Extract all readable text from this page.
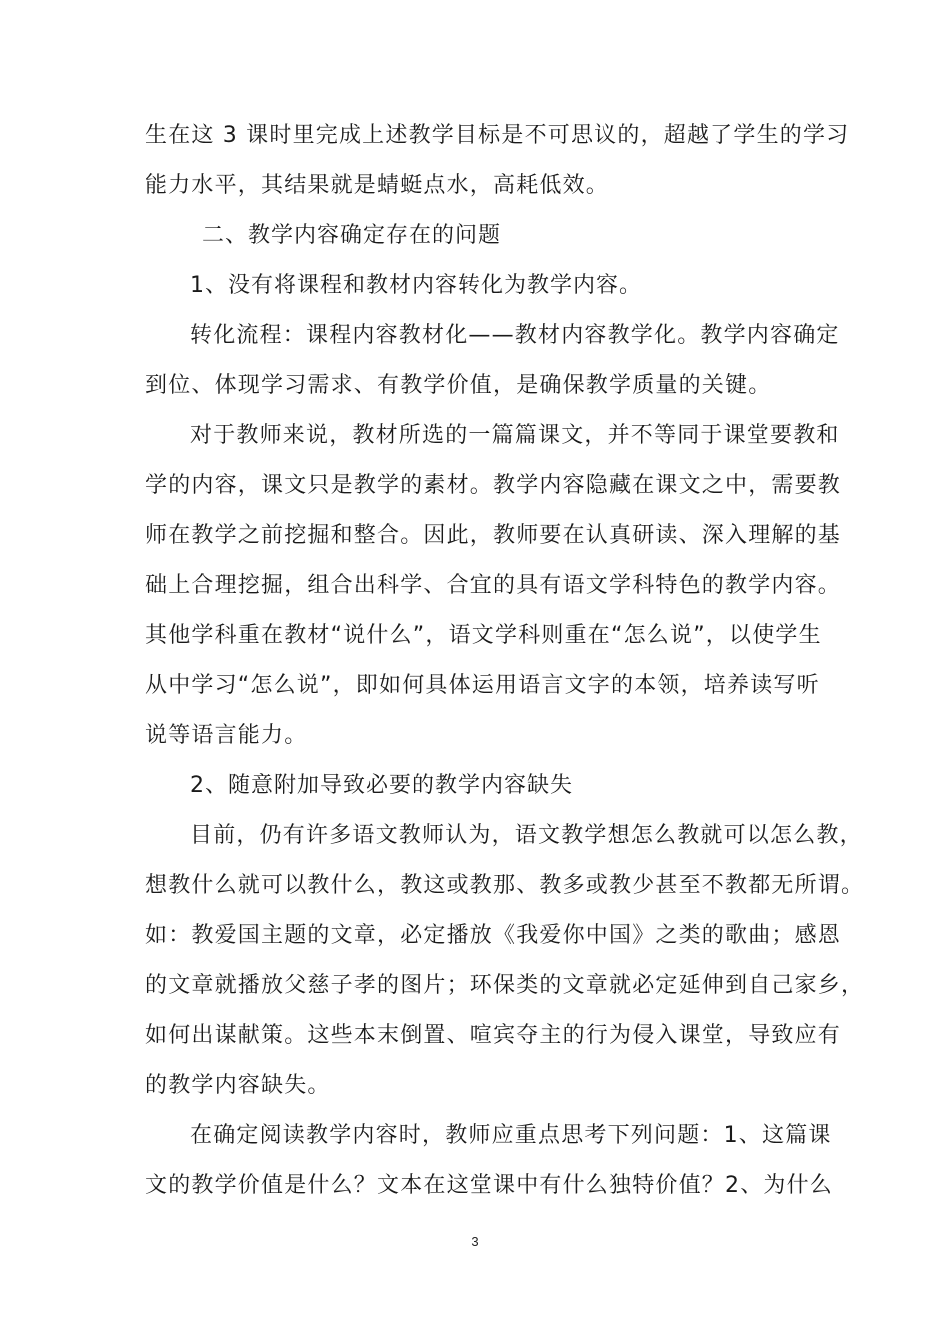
生在这 3 课时里完成上述教学目标是不可思议的，超越了学生的学习
能力水平，其结果就是蜻蜓点水，高耗低效。
二、教学内容确定存在的问题
1、没有将课程和教材内容转化为教学内容。
转化流程：课程内容教材化——教材内容教学化。教学内容确定
到位、体现学习需求、有教学价值，是确保教学质量的关键。
对于教师来说，教材所选的一篇篇课文，并不等同于课堂要教和
学的内容，课文只是教学的素材。教学内容隐藏在课文之中，需要教
师在教学之前挖掘和整合。因此，教师要在认真研读、深入理解的基
础上合理挖掘，组合出科学、合宜的具有语文学科特色的教学内容。
其他学科重在教材“说什么”，语文学科则重在“怎么说”，以使学生
从中学习“怎么说”，即如何具体运用语言文字的本领，培养读写听
说等语言能力。
2、随意附加导致必要的教学内容缺失
目前，仍有许多语文教师认为，语文教学想怎么教就可以怎么教，
想教什么就可以教什么，教这或教那、教多或教少甚至不教都无所谓。
如：教爱国主题的文章，必定播放《我爱你中国》之类的歌曲；感恩
的文章就播放父慈子孝的图片；环保类的文章就必定延伸到自己家乡，
如何出谋献策。这些本末倒置、喧宾夺主的行为侵入课堂，导致应有
的教学内容缺失。
在确定阅读教学内容时，教师应重点思考下列问题：1、这篇课
文的教学价值是什么？文本在这堂课中有什么独特价值？2、为什么
3
